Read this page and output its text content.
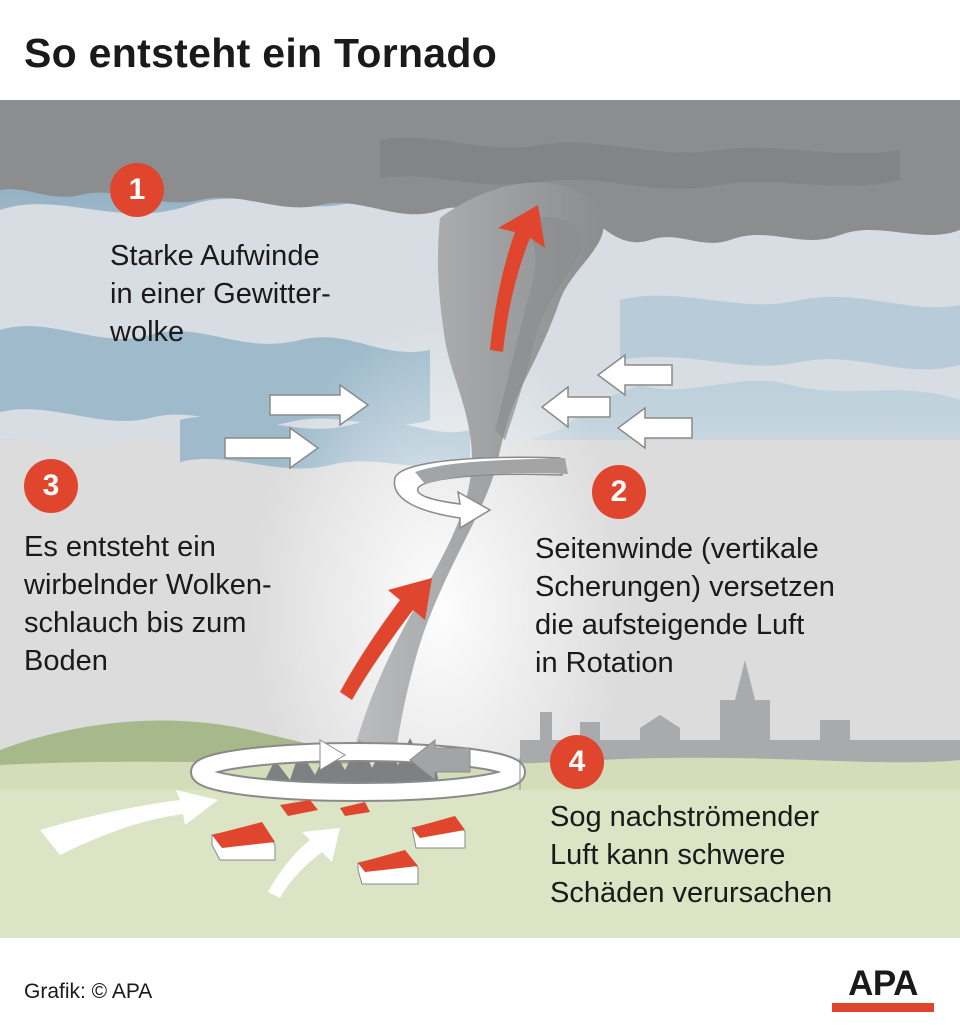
So entsteht ein Tornado
1

Starke Aufwinde
in einer Gewitter-
wolke

2

Seitenwinde (vertikale
Scherungen) versetzen
die aufsteigende Luft
in Rotation

3

Es entsteht ein
wirbelnder Wolken-
schlauch bis zum
Boden

4

Sog nachströmender
Luft kann schwere
Schäden verursachen

Grafik: © APA	APA
